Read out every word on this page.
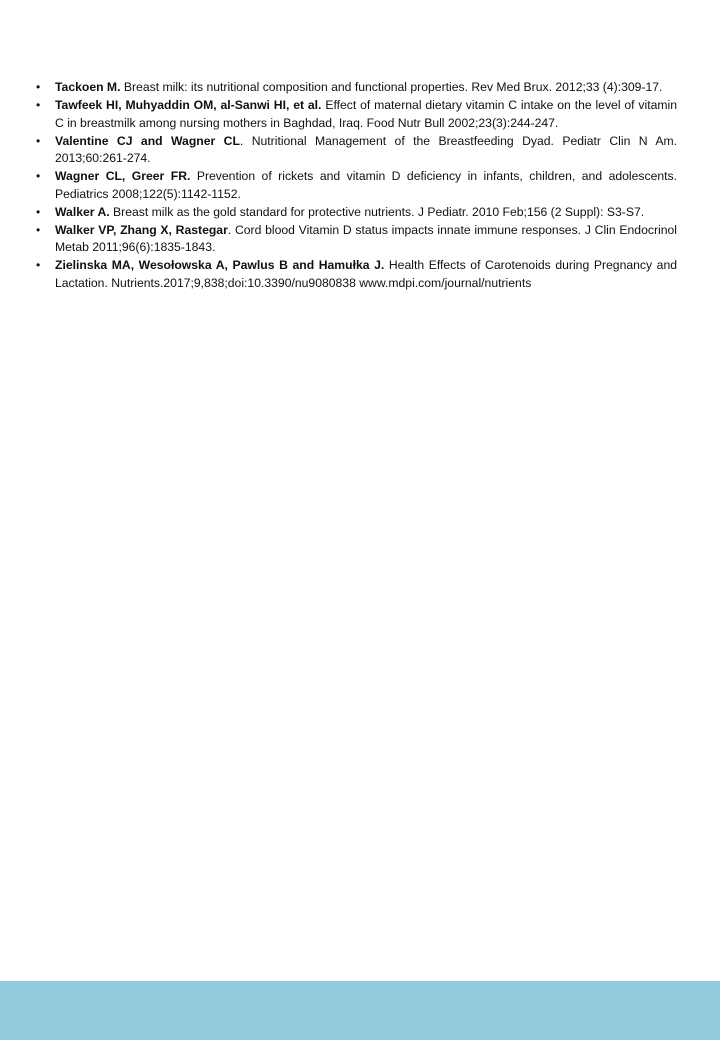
• Tackoen M. Breast milk: its nutritional composition and functional properties. Rev Med Brux. 2012;33 (4):309-17.
• Tawfeek HI, Muhyaddin OM, al-Sanwi HI, et al. Effect of maternal dietary vitamin C intake on the level of vitamin C in breastmilk among nursing mothers in Baghdad, Iraq. Food Nutr Bull 2002;23(3):244-247.
• Valentine CJ and Wagner CL. Nutritional Management of the Breastfeeding Dyad. Pediatr Clin N Am. 2013;60:261-274.
• Wagner CL, Greer FR. Prevention of rickets and vitamin D deficiency in infants, children, and adolescents. Pediatrics 2008;122(5):1142-1152.
• Walker A. Breast milk as the gold standard for protective nutrients. J Pediatr. 2010 Feb;156 (2 Suppl): S3-S7.
• Walker VP, Zhang X, Rastegar. Cord blood Vitamin D status impacts innate immune responses. J Clin Endocrinol Metab 2011;96(6):1835-1843.
• Zielinska MA, Wesołowska A, Pawlus B and Hamułka J. Health Effects of Carotenoids during Pregnancy and Lactation. Nutrients.2017;9,838;doi:10.3390/nu9080838 www.mdpi.com/journal/nutrients
